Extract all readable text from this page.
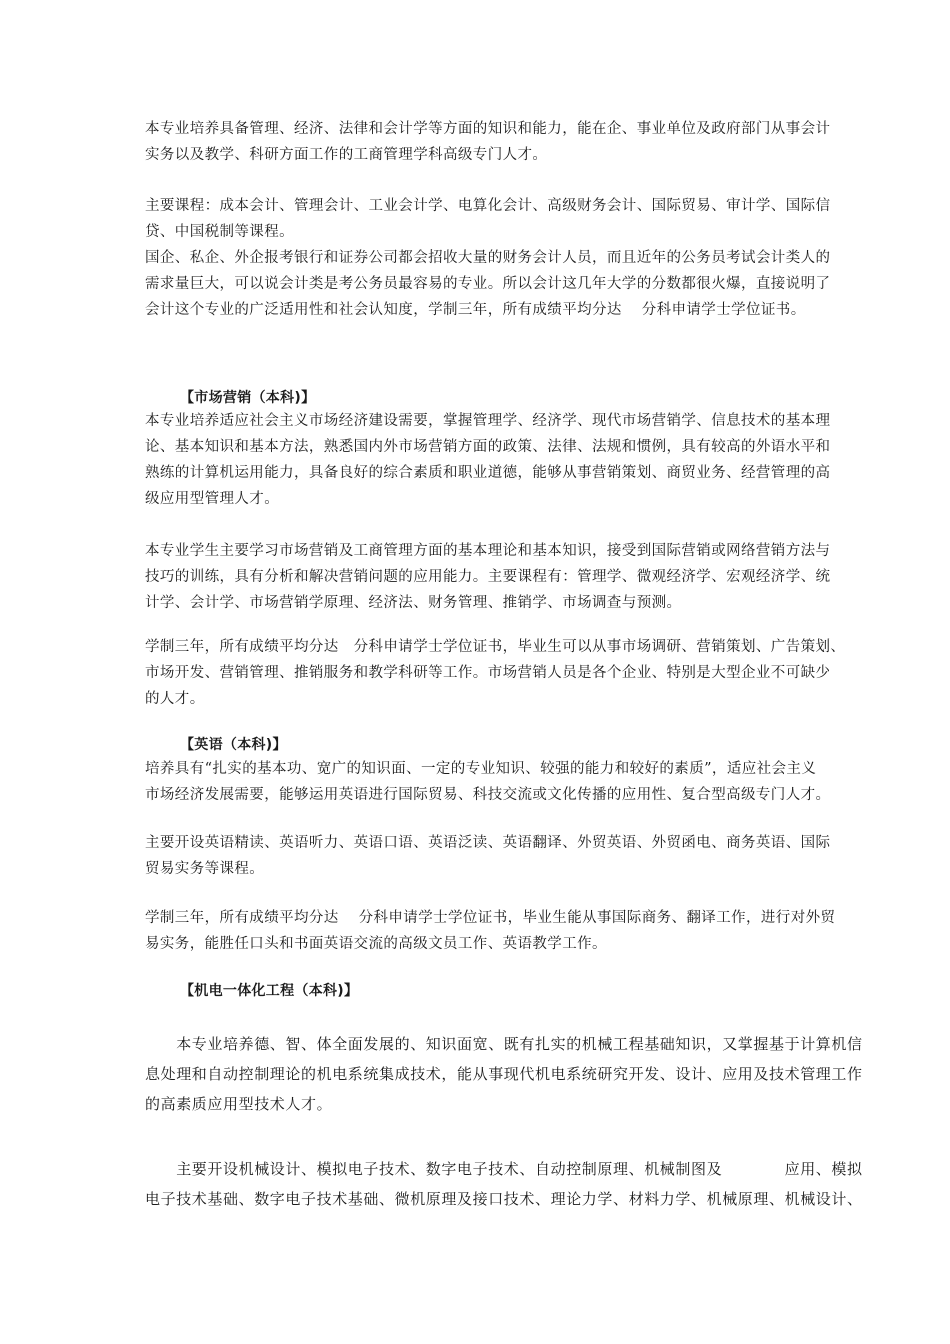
本专业培养具备管理、经济、法律和会计学等方面的知识和能力，能在企、事业单位及政府部门从事会计
实务以及教学、科研方面工作的工商管理学科高级专门人才。
主要课程：成本会计、管理会计、工业会计学、电算化会计、高级财务会计、国际贸易、审计学、国际信
贷、中国税制等课程。
国企、私企、外企报考银行和证券公司都会招收大量的财务会计人员，而且近年的公务员考试会计类人的
需求量巨大，可以说会计类是考公务员最容易的专业。所以会计这几年大学的分数都很火爆，直接说明了
会计这个专业的广泛适用性和社会认知度，学制三年，所有成绩平均分达　 分科申请学士学位证书。
【市场营销（本科)】
本专业培养适应社会主义市场经济建设需要，掌握管理学、经济学、现代市场营销学、信息技术的基本理
论、基本知识和基本方法，熟悉国内外市场营销方面的政策、法律、法规和惯例，具有较高的外语水平和
熟练的计算机运用能力，具备良好的综合素质和职业道德，能够从事营销策划、商贸业务、经营管理的高
级应用型管理人才。
本专业学生主要学习市场营销及工商管理方面的基本理论和基本知识，接受到国际营销或网络营销方法与
技巧的训练，具有分析和解决营销问题的应用能力。主要课程有：管理学、微观经济学、宏观经济学、统
计学、会计学、市场营销学原理、经济法、财务管理、推销学、市场调查与预测。
学制三年，所有成绩平均分达　分科申请学士学位证书，毕业生可以从事市场调研、营销策划、广告策划、
市场开发、营销管理、推销服务和教学科研等工作。市场营销人员是各个企业、特别是大型企业不可缺少
的人才。
【英语（本科)】
培养具有“扎实的基本功、宽广的知识面、一定的专业知识、较强的能力和较好的素质”，适应社会主义
市场经济发展需要，能够运用英语进行国际贸易、科技交流或文化传播的应用性、复合型高级专门人才。
主要开设英语精读、英语听力、英语口语、英语泛读、英语翻译、外贸英语、外贸函电、商务英语、国际
贸易实务等课程。
学制三年，所有成绩平均分达　 分科申请学士学位证书，毕业生能从事国际商务、翻译工作，进行对外贸
易实务，能胜任口头和书面英语交流的高级文员工作、英语教学工作。
【机电一体化工程（本科)】
　　本专业培养德、智、体全面发展的、知识面宽、既有扎实的机械工程基础知识，又掌握基于计算机信
息处理和自动控制理论的机电系统集成技术，能从事现代机电系统研究开发、设计、应用及技术管理工作
的高素质应用型技术人才。
　　主要开设机械设计、模拟电子技术、数字电子技术、自动控制原理、机械制图及　　　　应用、模拟
电子技术基础、数字电子技术基础、微机原理及接口技术、理论力学、材料力学、机械原理、机械设计、
